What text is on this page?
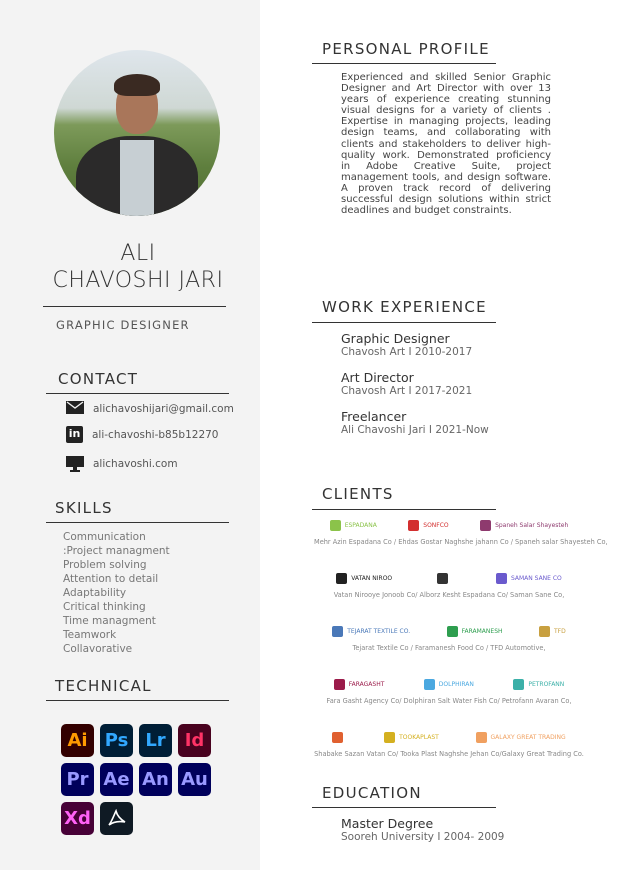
ALI
CHAVOSHI JARI
GRAPHIC DESIGNER
CONTACT
alichavoshijari@gmail.com
in ali-chavoshi-b85b12270
alichavoshi.com
SKILLS
Communication
:Project managment
Problem solving
Attention to detail
Adaptability
Critical thinking
Time managment
Teamwork
Collavorative
TECHNICAL
Ai Ps Lr	Id
Pr Ae An Au
Xd
PERSONAL PROFILE
Experienced and skilled Senior Graphic Designer and Art Director with over 13 years of experience creating stunning visual designs for a variety of clients . Expertise in managing projects, leading design teams, and collaborating with clients and stakeholders to deliver high-quality work. Demonstrated proficiency in Adobe Creative Suite, project management tools, and design software. A proven track record of delivering successful design solutions within strict deadlines and budget constraints.
WORK EXPERIENCE
Graphic Designer
Chavosh Art I 2010-2017
Art Director
Chavosh Art I 2017-2021
Freelancer
Ali Chavoshi Jari I 2021-Now
CLIENTS
ESPADANA	SONFCO	Spaneh Salar Shayesteh
Mehr Azin Espadana Co / Ehdas Gostar Naghshe jahann Co / Spaneh salar Shayesteh Co,
VATAN NIROO	SAMAN SANE CO
Vatan Nirooye Jonoob Co/ Alborz Kesht Espadana Co/ Saman Sane Co,
TEJARAT TEXTILE CO.	FARAMANESH	TFD
Tejarat Textile Co / Faramanesh Food Co / TFD Automotive,
FARAGASHT	DOLPHIRAN	PETROFANN
Fara Gasht Agency Co/ Dolphiran Salt Water Fish Co/ Petrofann Avaran Co,
TOOKAPLAST	GALAXY GREAT TRADING
Shabake Sazan Vatan Co/ Tooka Plast Naghshe Jehan Co/Galaxy Great Trading Co.
EDUCATION
Master Degree
Sooreh University I 2004- 2009
